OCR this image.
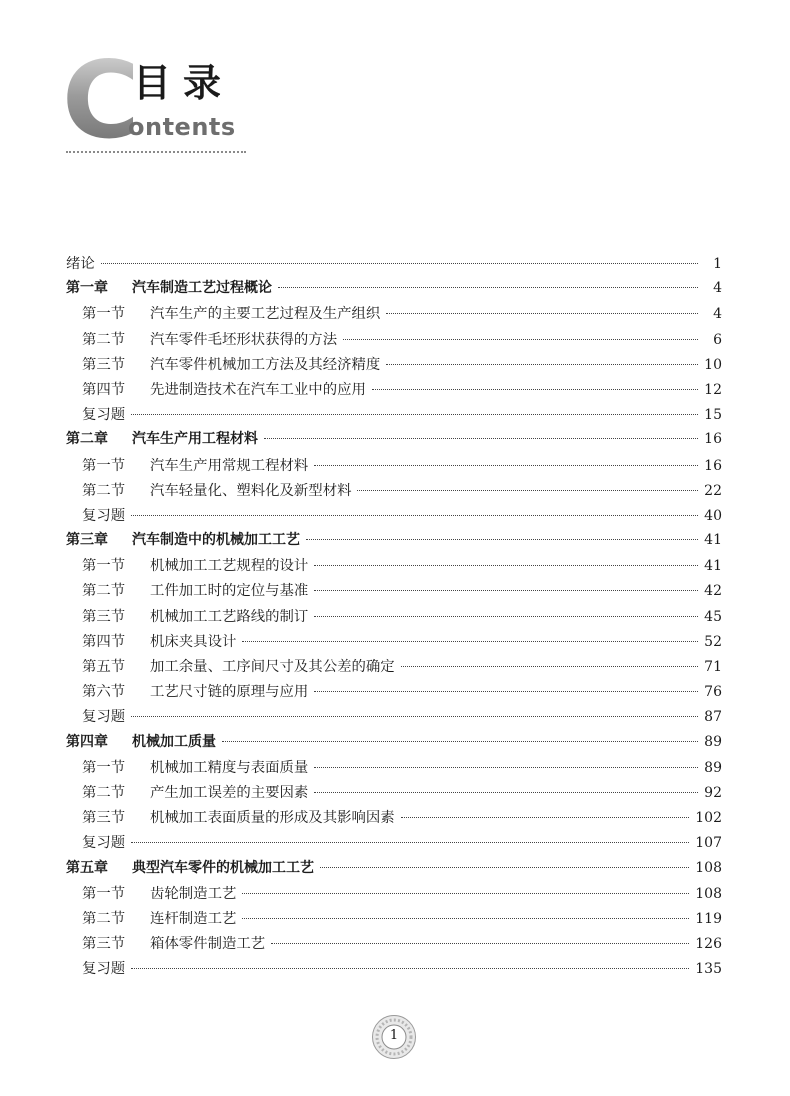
C
目录
ontents
绪论	1
第一章	汽车制造工艺过程概论	4
第一节	汽车生产的主要工艺过程及生产组织	4
第二节	汽车零件毛坯形状获得的方法	6
第三节	汽车零件机械加工方法及其经济精度	10
第四节	先进制造技术在汽车工业中的应用	12
复习题	15
第二章	汽车生产用工程材料	16
第一节	汽车生产用常规工程材料	16
第二节	汽车轻量化、塑料化及新型材料	22
复习题	40
第三章	汽车制造中的机械加工工艺	41
第一节	机械加工工艺规程的设计	41
第二节	工件加工时的定位与基准	42
第三节	机械加工工艺路线的制订	45
第四节	机床夹具设计	52
第五节	加工余量、工序间尺寸及其公差的确定	71
第六节	工艺尺寸链的原理与应用	76
复习题	87
第四章	机械加工质量	89
第一节	机械加工精度与表面质量	89
第二节	产生加工误差的主要因素	92
第三节	机械加工表面质量的形成及其影响因素	102
复习题	107
第五章	典型汽车零件的机械加工工艺	108
第一节	齿轮制造工艺	108
第二节	连杆制造工艺	119
第三节	箱体零件制造工艺	126
复习题	135
1
